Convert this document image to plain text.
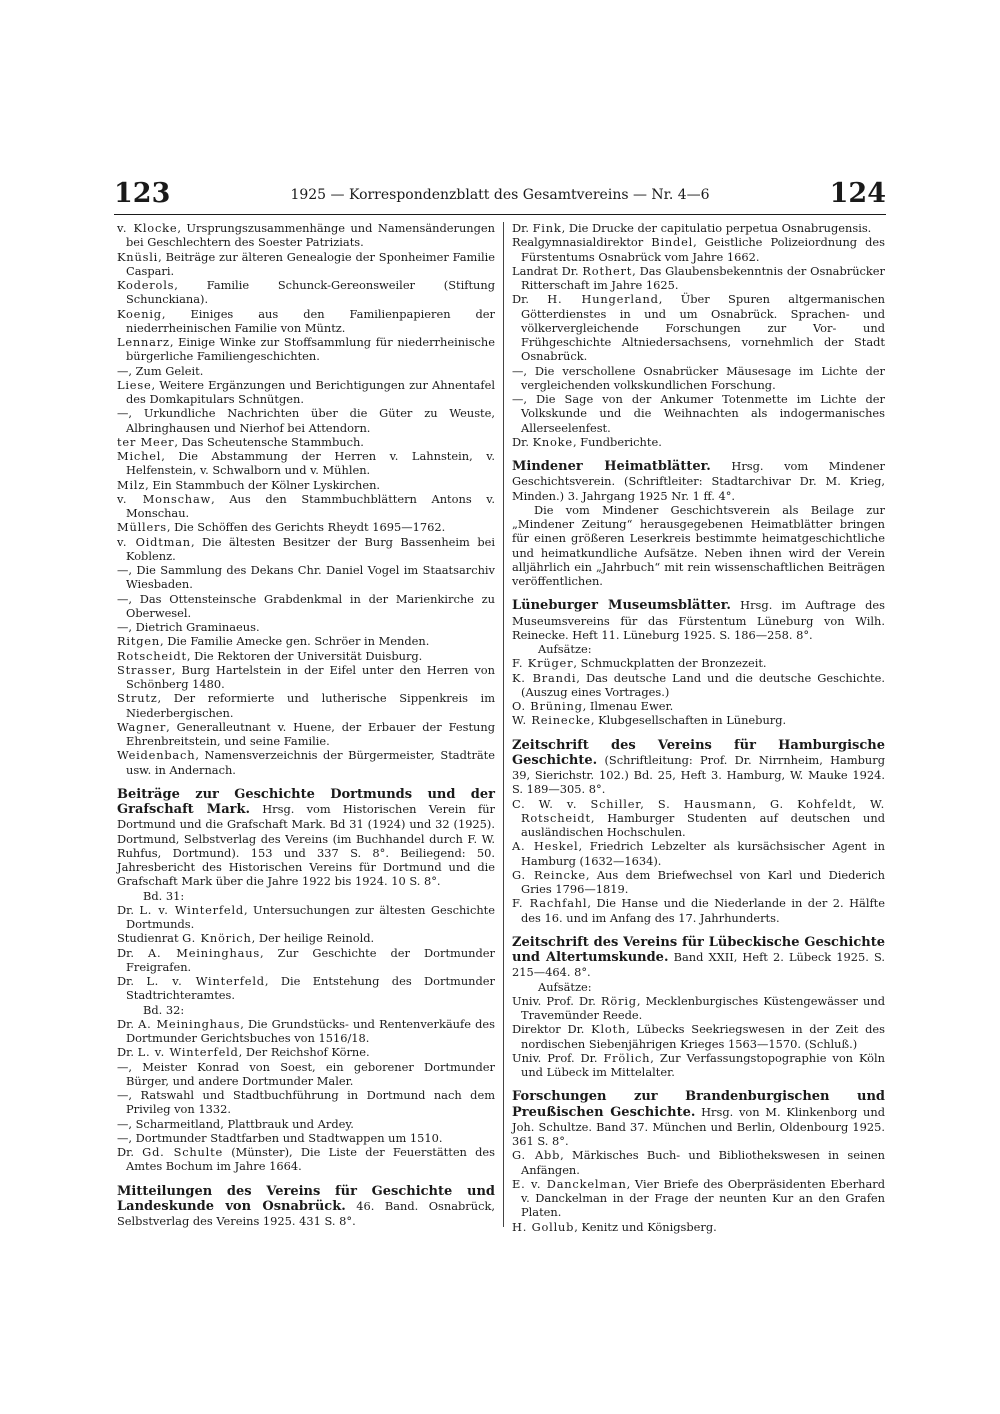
123	1925 — Korrespondenzblatt des Gesamtvereins — Nr. 4—6	124

v. Klocke, Ursprungszusammenhänge und Namensänderungen bei Geschlechtern des Soester Patriziats.

Knüsli, Beiträge zur älteren Genealogie der Sponheimer Familie Caspari.

Koderols, Familie Schunck-Gereonsweiler (Stiftung Schunckiana).

Koenig, Einiges aus den Familienpapieren der niederrheinischen Familie von Müntz.

Lennarz, Einige Winke zur Stoffsammlung für niederrheinische bürgerliche Familiengeschichten.

—, Zum Geleit.

Liese, Weitere Ergänzungen und Berichtigungen zur Ahnentafel des Domkapitulars Schnütgen.

—, Urkundliche Nachrichten über die Güter zu Weuste, Albringhausen und Nierhof bei Attendorn.

ter Meer, Das Scheutensche Stammbuch.

Michel, Die Abstammung der Herren v. Lahnstein, v. Helfenstein, v. Schwalborn und v. Mühlen.

Milz, Ein Stammbuch der Kölner Lyskirchen.

v. Monschaw, Aus den Stammbuchblättern Antons v. Monschau.

Müllers, Die Schöffen des Gerichts Rheydt 1695—1762.

v. Oidtman, Die ältesten Besitzer der Burg Bassenheim bei Koblenz.

—, Die Sammlung des Dekans Chr. Daniel Vogel im Staatsarchiv Wiesbaden.

—, Das Ottensteinsche Grabdenkmal in der Marienkirche zu Oberwesel.

—, Dietrich Graminaeus.

Ritgen, Die Familie Amecke gen. Schröer in Menden.

Rotscheidt, Die Rektoren der Universität Duisburg.

Strasser, Burg Hartelstein in der Eifel unter den Herren von Schönberg 1480.

Strutz, Der reformierte und lutherische Sippenkreis im Niederbergischen.

Wagner, Generalleutnant v. Huene, der Erbauer der Festung Ehrenbreitstein, und seine Familie.

Weidenbach, Namensverzeichnis der Bürgermeister, Stadträte usw. in Andernach.

Beiträge zur Geschichte Dortmunds und der Grafschaft Mark. Hrsg. vom Historischen Verein für Dortmund und die Grafschaft Mark. Bd 31 (1924) und 32 (1925). Dortmund, Selbstverlag des Vereins (im Buchhandel durch F. W. Ruhfus, Dortmund). 153 und 337 S. 8°. Beiliegend: 50. Jahresbericht des Historischen Vereins für Dortmund und die Grafschaft Mark über die Jahre 1922 bis 1924. 10 S. 8°.

Bd. 31:

Dr. L. v. Winterfeld, Untersuchungen zur ältesten Geschichte Dortmunds.

Studienrat G. Knörich, Der heilige Reinold.

Dr. A. Meininghaus, Zur Geschichte der Dortmunder Freigrafen.

Dr. L. v. Winterfeld, Die Entstehung des Dortmunder Stadtrichteramtes.

Bd. 32:

Dr. A. Meininghaus, Die Grundstücks- und Rentenverkäufe des Dortmunder Gerichtsbuches von 1516/18.

Dr. L. v. Winterfeld, Der Reichshof Körne.

—, Meister Konrad von Soest, ein geborener Dortmunder Bürger, und andere Dortmunder Maler.

—, Ratswahl und Stadtbuchführung in Dortmund nach dem Privileg von 1332.

—, Scharmeitland, Plattbrauk und Ardey.

—, Dortmunder Stadtfarben und Stadtwappen um 1510.

Dr. Gd. Schulte (Münster), Die Liste der Feuerstätten des Amtes Bochum im Jahre 1664.

Mitteilungen des Vereins für Geschichte und Landeskunde von Osnabrück. 46. Band. Osnabrück, Selbstverlag des Vereins 1925. 431 S. 8°.

Dr. Fink, Die Drucke der capitulatio perpetua Osnabrugensis.

Realgymnasialdirektor Bindel, Geistliche Polizeiordnung des Fürstentums Osnabrück vom Jahre 1662.

Landrat Dr. Rothert, Das Glaubensbekenntnis der Osnabrücker Ritterschaft im Jahre 1625.

Dr. H. Hungerland, Über Spuren altgermanischen Götterdienstes in und um Osnabrück. Sprachen- und völkervergleichende Forschungen zur Vor- und Frühgeschichte Altniedersachsens, vornehmlich der Stadt Osnabrück.

—, Die verschollene Osnabrücker Mäusesage im Lichte der vergleichenden volkskundlichen Forschung.

—, Die Sage von der Ankumer Totenmette im Lichte der Volkskunde und die Weihnachten als indogermanisches Allerseelenfest.

Dr. Knoke, Fundberichte.

Mindener Heimatblätter. Hrsg. vom Mindener Geschichtsverein. (Schriftleiter: Stadtarchivar Dr. M. Krieg, Minden.) 3. Jahrgang 1925 Nr. 1 ff. 4°.

Die vom Mindener Geschichtsverein als Beilage zur „Mindener Zeitung“ herausgegebenen Heimatblätter bringen für einen größeren Leserkreis bestimmte heimatgeschichtliche und heimatkundliche Aufsätze. Neben ihnen wird der Verein alljährlich ein „Jahrbuch“ mit rein wissenschaftlichen Beiträgen veröffentlichen.

Lüneburger Museumsblätter. Hrsg. im Auftrage des Museumsvereins für das Fürstentum Lüneburg von Wilh. Reinecke. Heft 11. Lüneburg 1925. S. 186—258. 8°.

Aufsätze:

F. Krüger, Schmuckplatten der Bronzezeit.

K. Brandi, Das deutsche Land und die deutsche Geschichte. (Auszug eines Vortrages.)

O. Brüning, Ilmenau Ewer.

W. Reinecke, Klubgesellschaften in Lüneburg.

Zeitschrift des Vereins für Hamburgische Geschichte. (Schriftleitung: Prof. Dr. Nirrnheim, Hamburg 39, Sierichstr. 102.) Bd. 25, Heft 3. Hamburg, W. Mauke 1924. S. 189—305. 8°.

C. W. v. Schiller, S. Hausmann, G. Kohfeldt, W. Rotscheidt, Hamburger Studenten auf deutschen und ausländischen Hochschulen.

A. Heskel, Friedrich Lebzelter als kursächsischer Agent in Hamburg (1632—1634).

G. Reincke, Aus dem Briefwechsel von Karl und Diederich Gries 1796—1819.

F. Rachfahl, Die Hanse und die Niederlande in der 2. Hälfte des 16. und im Anfang des 17. Jahrhunderts.

Zeitschrift des Vereins für Lübeckische Geschichte und Altertumskunde. Band XXII, Heft 2. Lübeck 1925. S. 215—464. 8°.

Aufsätze:

Univ. Prof. Dr. Rörig, Mecklenburgisches Küstengewässer und Travemünder Reede.

Direktor Dr. Kloth, Lübecks Seekriegswesen in der Zeit des nordischen Siebenjährigen Krieges 1563—1570. (Schluß.)

Univ. Prof. Dr. Frölich, Zur Verfassungstopographie von Köln und Lübeck im Mittelalter.

Forschungen zur Brandenburgischen und Preußischen Geschichte. Hrsg. von M. Klinkenborg und Joh. Schultze. Band 37. München und Berlin, Oldenbourg 1925. 361 S. 8°.

G. Abb, Märkisches Buch- und Bibliothekswesen in seinen Anfängen.

E. v. Danckelman, Vier Briefe des Oberpräsidenten Eberhard v. Danckelman in der Frage der neunten Kur an den Grafen Platen.

H. Gollub, Kenitz und Königsberg.
